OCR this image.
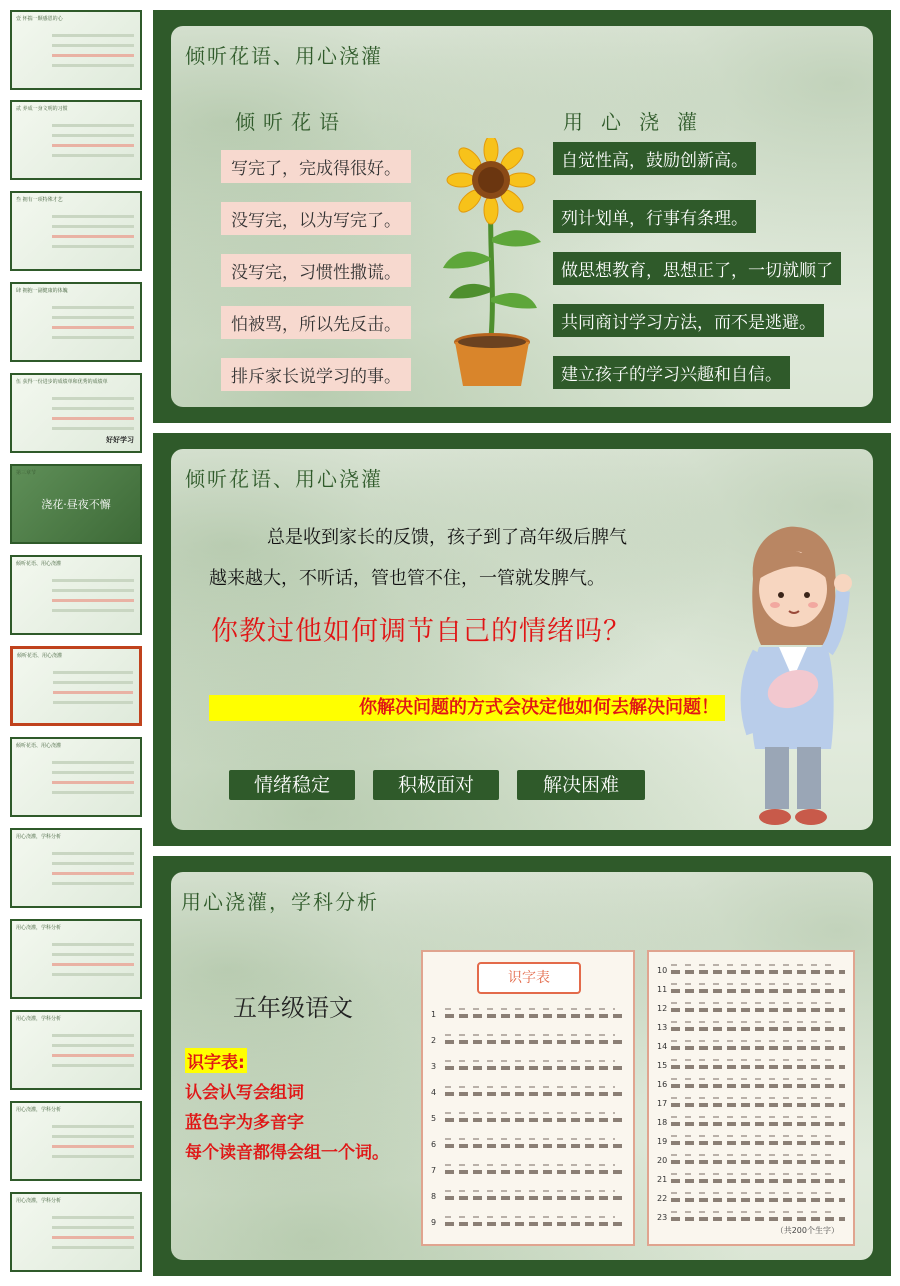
壹 怀揣一颗感恩的心
贰 养成一身文明的习惯
叁 拥有一项特殊才艺
肆 拥抱一副健康的体魄
伍 获得一份进步的成绩单和优秀的成绩单
好好学习
浇花·昼夜不懈
第三章节
倾听花语、用心浇灌
倾听花语、用心浇灌
倾听花语、用心浇灌
用心浇灌，学科分析
用心浇灌，学科分析
用心浇灌，学科分析
用心浇灌，学科分析
用心浇灌，学科分析
倾听花语、用心浇灌
倾听花语	用心浇灌
写完了，完成得很好。
没写完，以为写完了。
没写完，习惯性撒谎。
怕被骂，所以先反击。
排斥家长说学习的事。
自觉性高，鼓励创新高。
列计划单，行事有条理。
做思想教育，思想正了，一切就顺了
共同商讨学习方法，而不是逃避。
建立孩子的学习兴趣和自信。
倾听花语、用心浇灌
总是收到家长的反馈，孩子到了高年级后脾气
越来越大，不听话，管也管不住，一管就发脾气。
你教过他如何调节自己的情绪吗？
你解决问题的方式会决定他如何去解决问题！
情绪稳定	积极面对	解决困难
用心浇灌，学科分析
五年级语文
识字表:
认会认写会组词
蓝色字为多音字
每个读音都得会组一个词。
识字表
1
2
3
4
5
6
7
8
9
（共200个生字）
10
11
12
13
14
15
16
17
18
19
20
21
22
23
